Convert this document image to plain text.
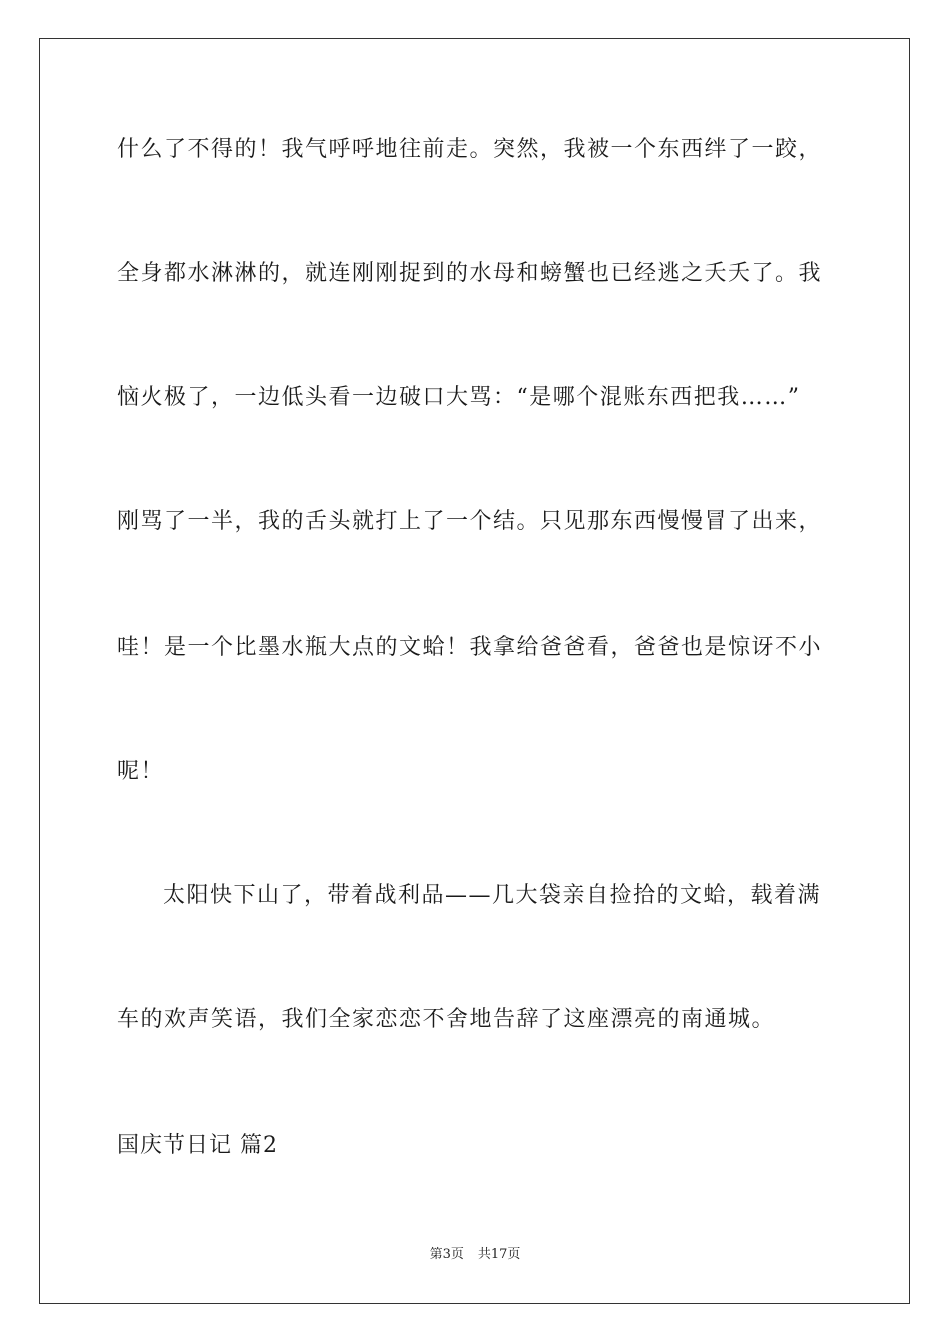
什么了不得的！我气呼呼地往前走。突然，我被一个东西绊了一跤，
全身都水淋淋的，就连刚刚捉到的水母和螃蟹也已经逃之夭夭了。我
恼火极了，一边低头看一边破口大骂：“是哪个混账东西把我……”
刚骂了一半，我的舌头就打上了一个结。只见那东西慢慢冒了出来，
哇！是一个比墨水瓶大点的文蛤！我拿给爸爸看，爸爸也是惊讶不小
呢！
太阳快下山了，带着战利品——几大袋亲自捡拾的文蛤，载着满
车的欢声笑语，我们全家恋恋不舍地告辞了这座漂亮的南通城。
国庆节日记 篇2
第3页 共17页
